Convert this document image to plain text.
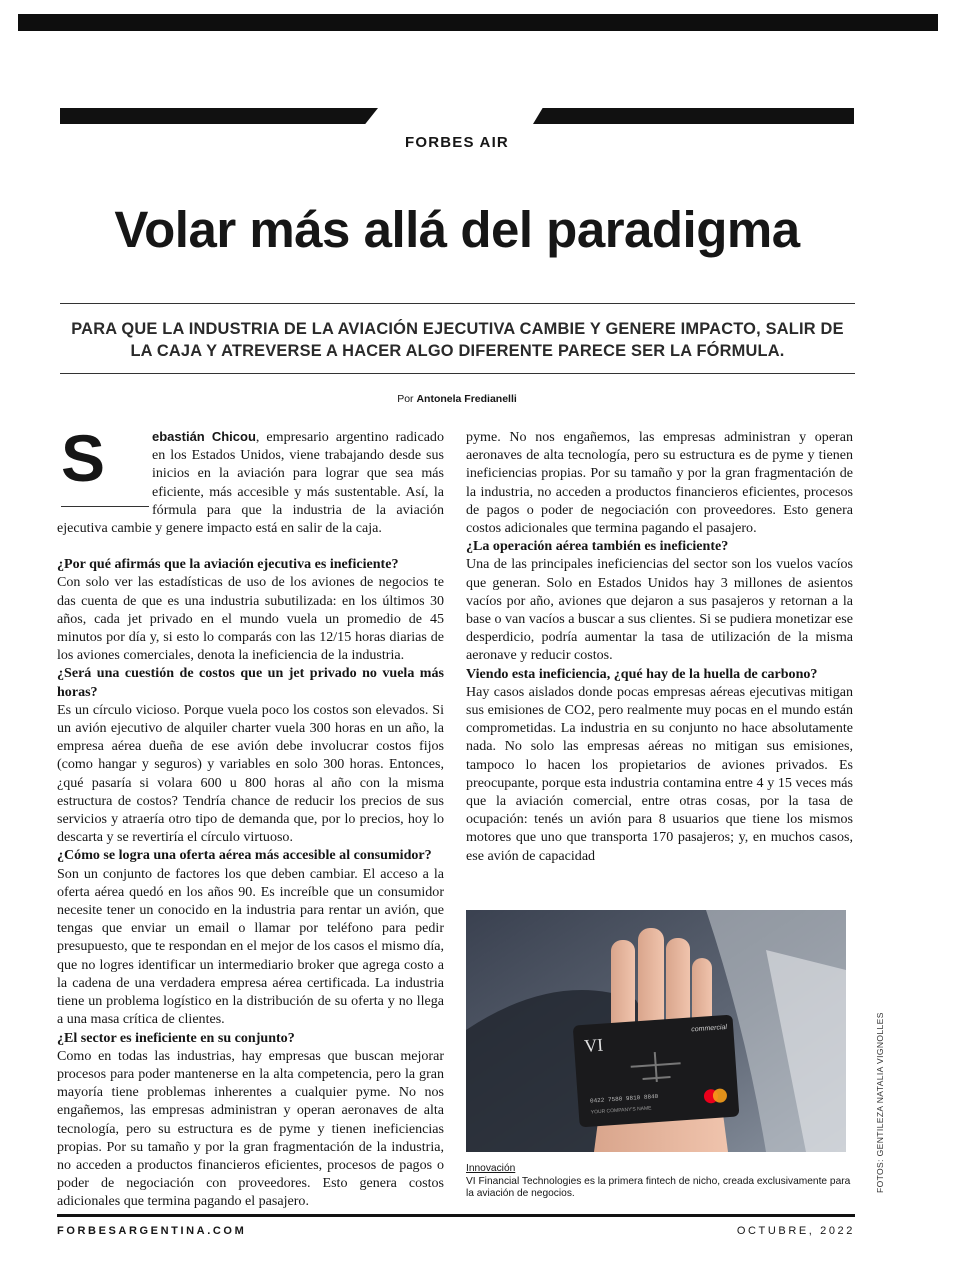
FORBES AIR
Volar más allá del paradigma
PARA QUE LA INDUSTRIA DE LA AVIACIÓN EJECUTIVA CAMBIE Y GENERE IMPACTO, SALIR DE LA CAJA Y ATREVERSE A HACER ALGO DIFERENTE PARECE SER LA FÓRMULA.
Por Antonela Fredianelli
S	ebastián Chicou, empresario argentino radicado en los Estados Unidos, viene trabajando desde sus inicios en la aviación para lograr que sea más eficiente, más accesible y más sustentable. Así, la fórmula para que la industria de la aviación ejecutiva cambie y genere impacto está en salir de la caja.

¿Por qué afirmás que la aviación ejecutiva es ineficiente?

Con solo ver las estadísticas de uso de los aviones de negocios te das cuenta de que es una industria subutilizada: en los últimos 30 años, cada jet privado en el mundo vuela un promedio de 45 minutos por día y, si esto lo comparás con las 12/15 horas diarias de los aviones comerciales, denota la ineficiencia de la industria.

¿Será una cuestión de costos que un jet privado no vuela más horas?

Es un círculo vicioso. Porque vuela poco los costos son elevados. Si un avión ejecutivo de alquiler charter vuela 300 horas en un año, la empresa aérea dueña de ese avión debe involucrar costos fijos (como hangar y seguros) y variables en solo 300 horas. Entonces, ¿qué pasaría si volara 600 u 800 horas al año con la misma estructura de costos? Tendría chance de reducir los precios de sus servicios y atraería otro tipo de demanda que, por lo precios, hoy lo descarta y se revertiría el círculo virtuoso.

¿Cómo se logra una oferta aérea más accesible al consumidor?

Son un conjunto de factores los que deben cambiar. El acceso a la oferta aérea quedó en los años 90. Es increíble que un consumidor necesite tener un conocido en la industria para rentar un avión, que tengas que enviar un email o llamar por teléfono para pedir presupuesto, que te respondan en el mejor de los casos el mismo día, que no logres identificar un intermediario broker que agrega costo a la cadena de una verdadera empresa aérea certificada. La industria tiene un problema logístico en la distribución de su oferta y no llega a una masa crítica de clientes.

¿El sector es ineficiente en su conjunto?

Como en todas las industrias, hay empresas que buscan mejorar procesos para poder mantenerse en la alta competencia, pero la gran mayoría tiene problemas inherentes a cualquier pyme. No nos engañemos, las empresas administran y operan aeronaves de alta tecnología, pero su estructura es de pyme y tienen ineficiencias propias. Por su tamaño y por la gran fragmentación de la industria, no acceden a productos financieros eficientes, procesos de pagos o poder de negociación con proveedores. Esto genera costos adicionales que termina pagando el pasajero.

pyme. No nos engañemos, las empresas administran y operan aeronaves de alta tecnología, pero su estructura es de pyme y tienen ineficiencias propias. Por su tamaño y por la gran fragmentación de la industria, no acceden a productos financieros eficientes, procesos de pagos o poder de negociación con proveedores. Esto genera costos adicionales que termina pagando el pasajero.

¿La operación aérea también es ineficiente?

Una de las principales ineficiencias del sector son los vuelos vacíos que generan. Solo en Estados Unidos hay 3 millones de asientos vacíos por año, aviones que dejaron a sus pasajeros y retornan a la base o van vacíos a buscar a sus clientes. Si se pudiera monetizar ese desperdicio, podría aumentar la tasa de utilización de la misma aeronave y reducir costos.

Viendo esta ineficiencia, ¿qué hay de la huella de carbono?

Hay casos aislados donde pocas empresas aéreas ejecutivas mitigan sus emisiones de CO2, pero realmente muy pocas en el mundo están comprometidas. La industria en su conjunto no hace absolutamente nada. No solo las empresas aéreas no mitigan sus emisiones, tampoco lo hacen los propietarios de aviones privados. Es preocupante, porque esta industria contamina entre 4 y 15 veces más que la aviación comercial, entre otras cosas, por la tasa de ocupación: tenés un avión para 8 usuarios que tiene los mismos motores que uno que transporta 170 pasajeros; y, en muchos casos, ese avión de capacidad

VI
commercial
0422 7580 9810 8840
YOUR COMPANY'S NAME
Innovación
VI Financial Technologies es la primera fintech de nicho, creada exclusivamente para la aviación de negocios.
FOTOS: GENTILEZA NATALIA VIGNOLLES
FORBESARGENTINA.COM	OCTUBRE, 2022
